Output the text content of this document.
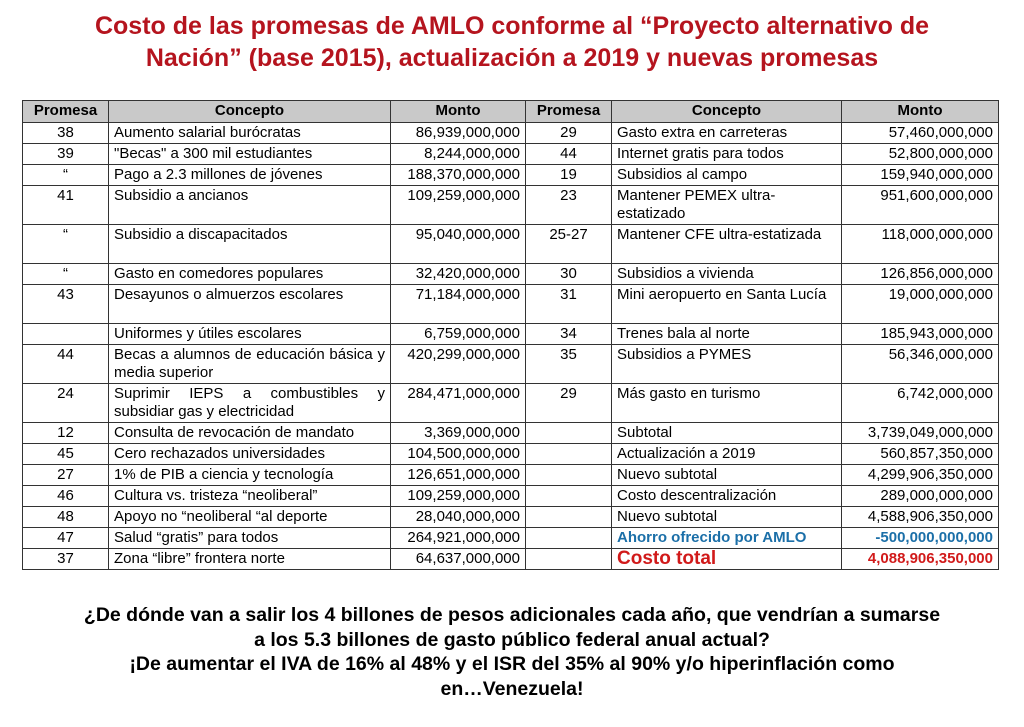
Costo de las promesas de AMLO conforme al “Proyecto alternativo de
Nación” (base 2015), actualización a 2019 y nuevas promesas
Promesa	Concepto	Monto	Promesa	Concepto	Monto
38	Aumento salarial burócratas	86,939,000,000	29	Gasto extra en carreteras	57,460,000,000
39	"Becas" a 300 mil estudiantes	8,244,000,000	44	Internet gratis para todos	52,800,000,000
“	Pago a 2.3 millones de jóvenes	188,370,000,000	19	Subsidios al campo	159,940,000,000
41	Subsidio a ancianos	109,259,000,000	23	Mantener PEMEX ultra-estatizado	951,600,000,000
“	Subsidio a discapacitados	95,040,000,000	25-27	Mantener CFE ultra-estatizada	118,000,000,000
“	Gasto en comedores populares	32,420,000,000	30	Subsidios a vivienda	126,856,000,000
43	Desayunos o almuerzos escolares	71,184,000,000	31	Mini aeropuerto en Santa Lucía	19,000,000,000
	Uniformes y útiles escolares	6,759,000,000	34	Trenes bala al norte	185,943,000,000
44	Becas a alumnos de educación básica y media superior	420,299,000,000	35	Subsidios a PYMES	56,346,000,000
24	Suprimir IEPS a combustibles y subsidiar gas y electricidad	284,471,000,000	29	Más gasto en turismo	6,742,000,000
12	Consulta de revocación de mandato	3,369,000,000		Subtotal	3,739,049,000,000
45	Cero rechazados universidades	104,500,000,000		Actualización a 2019	560,857,350,000
27	1% de PIB a ciencia y tecnología	126,651,000,000		Nuevo subtotal	4,299,906,350,000
46	Cultura vs. tristeza “neoliberal”	109,259,000,000		Costo descentralización	289,000,000,000
48	Apoyo no “neoliberal “al deporte	28,040,000,000		Nuevo subtotal	4,588,906,350,000
47	Salud “gratis” para todos	264,921,000,000		Ahorro ofrecido por AMLO	-500,000,000,000
37	Zona “libre” frontera norte	64,637,000,000		Costo total	4,088,906,350,000
¿De dónde van a salir los 4 billones de pesos adicionales cada año, que vendrían a sumarse
a los 5.3 billones de gasto público federal anual actual?
¡De aumentar el IVA de 16% al 48% y el ISR del 35% al 90% y/o hiperinflación como
en…Venezuela!
